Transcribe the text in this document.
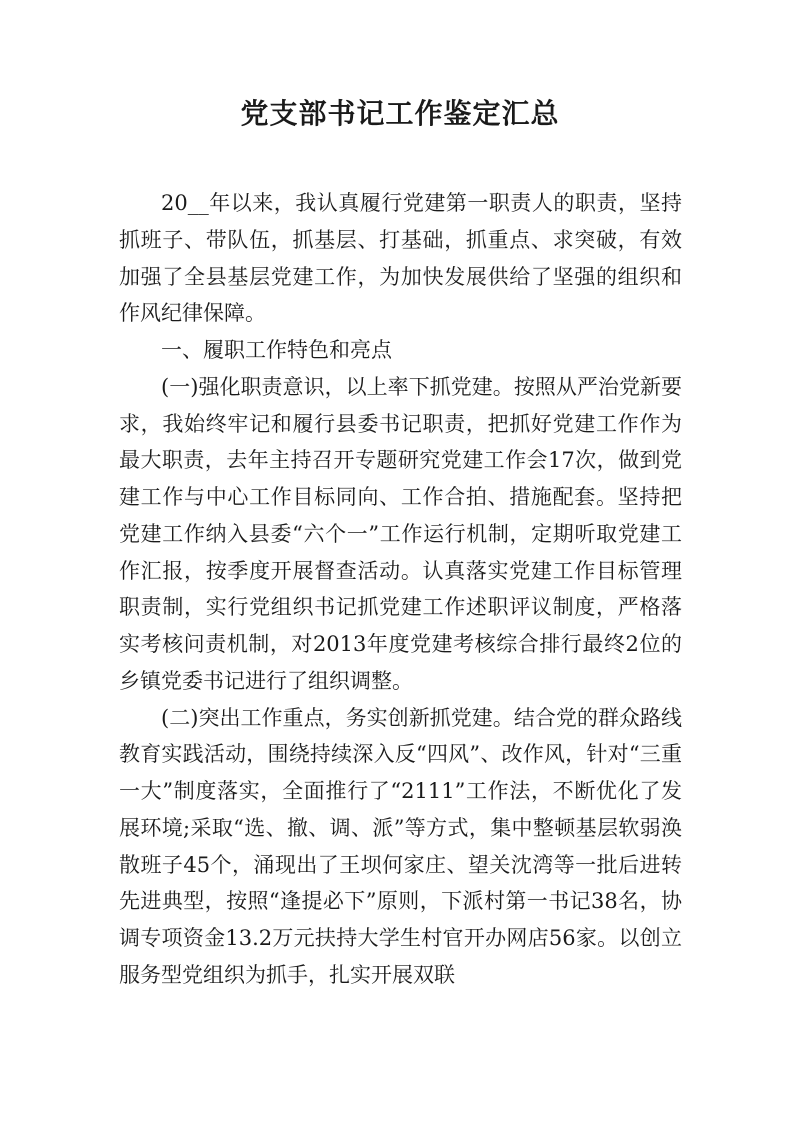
党支部书记工作鉴定汇总

20__年以来，我认真履行党建第一职责人的职责，坚持抓班子、带队伍，抓基层、打基础，抓重点、求突破，有效加强了全县基层党建工作，为加快发展供给了坚强的组织和作风纪律保障。

一、履职工作特色和亮点

(一)强化职责意识，以上率下抓党建。按照从严治党新要求，我始终牢记和履行县委书记职责，把抓好党建工作作为最大职责，去年主持召开专题研究党建工作会17次，做到党建工作与中心工作目标同向、工作合拍、措施配套。坚持把党建工作纳入县委“六个一”工作运行机制，定期听取党建工作汇报，按季度开展督查活动。认真落实党建工作目标管理职责制，实行党组织书记抓党建工作述职评议制度，严格落实考核问责机制，对2013年度党建考核综合排行最终2位的乡镇党委书记进行了组织调整。

(二)突出工作重点，务实创新抓党建。结合党的群众路线教育实践活动，围绕持续深入反“四风”、改作风，针对“三重一大”制度落实，全面推行了“2111”工作法，不断优化了发展环境;采取“选、撤、调、派”等方式，集中整顿基层软弱涣散班子45个，涌现出了王坝何家庄、望关沈湾等一批后进转先进典型，按照“逢提必下”原则，下派村第一书记38名，协调专项资金13.2万元扶持大学生村官开办网店56家。以创立服务型党组织为抓手，扎实开展双联
